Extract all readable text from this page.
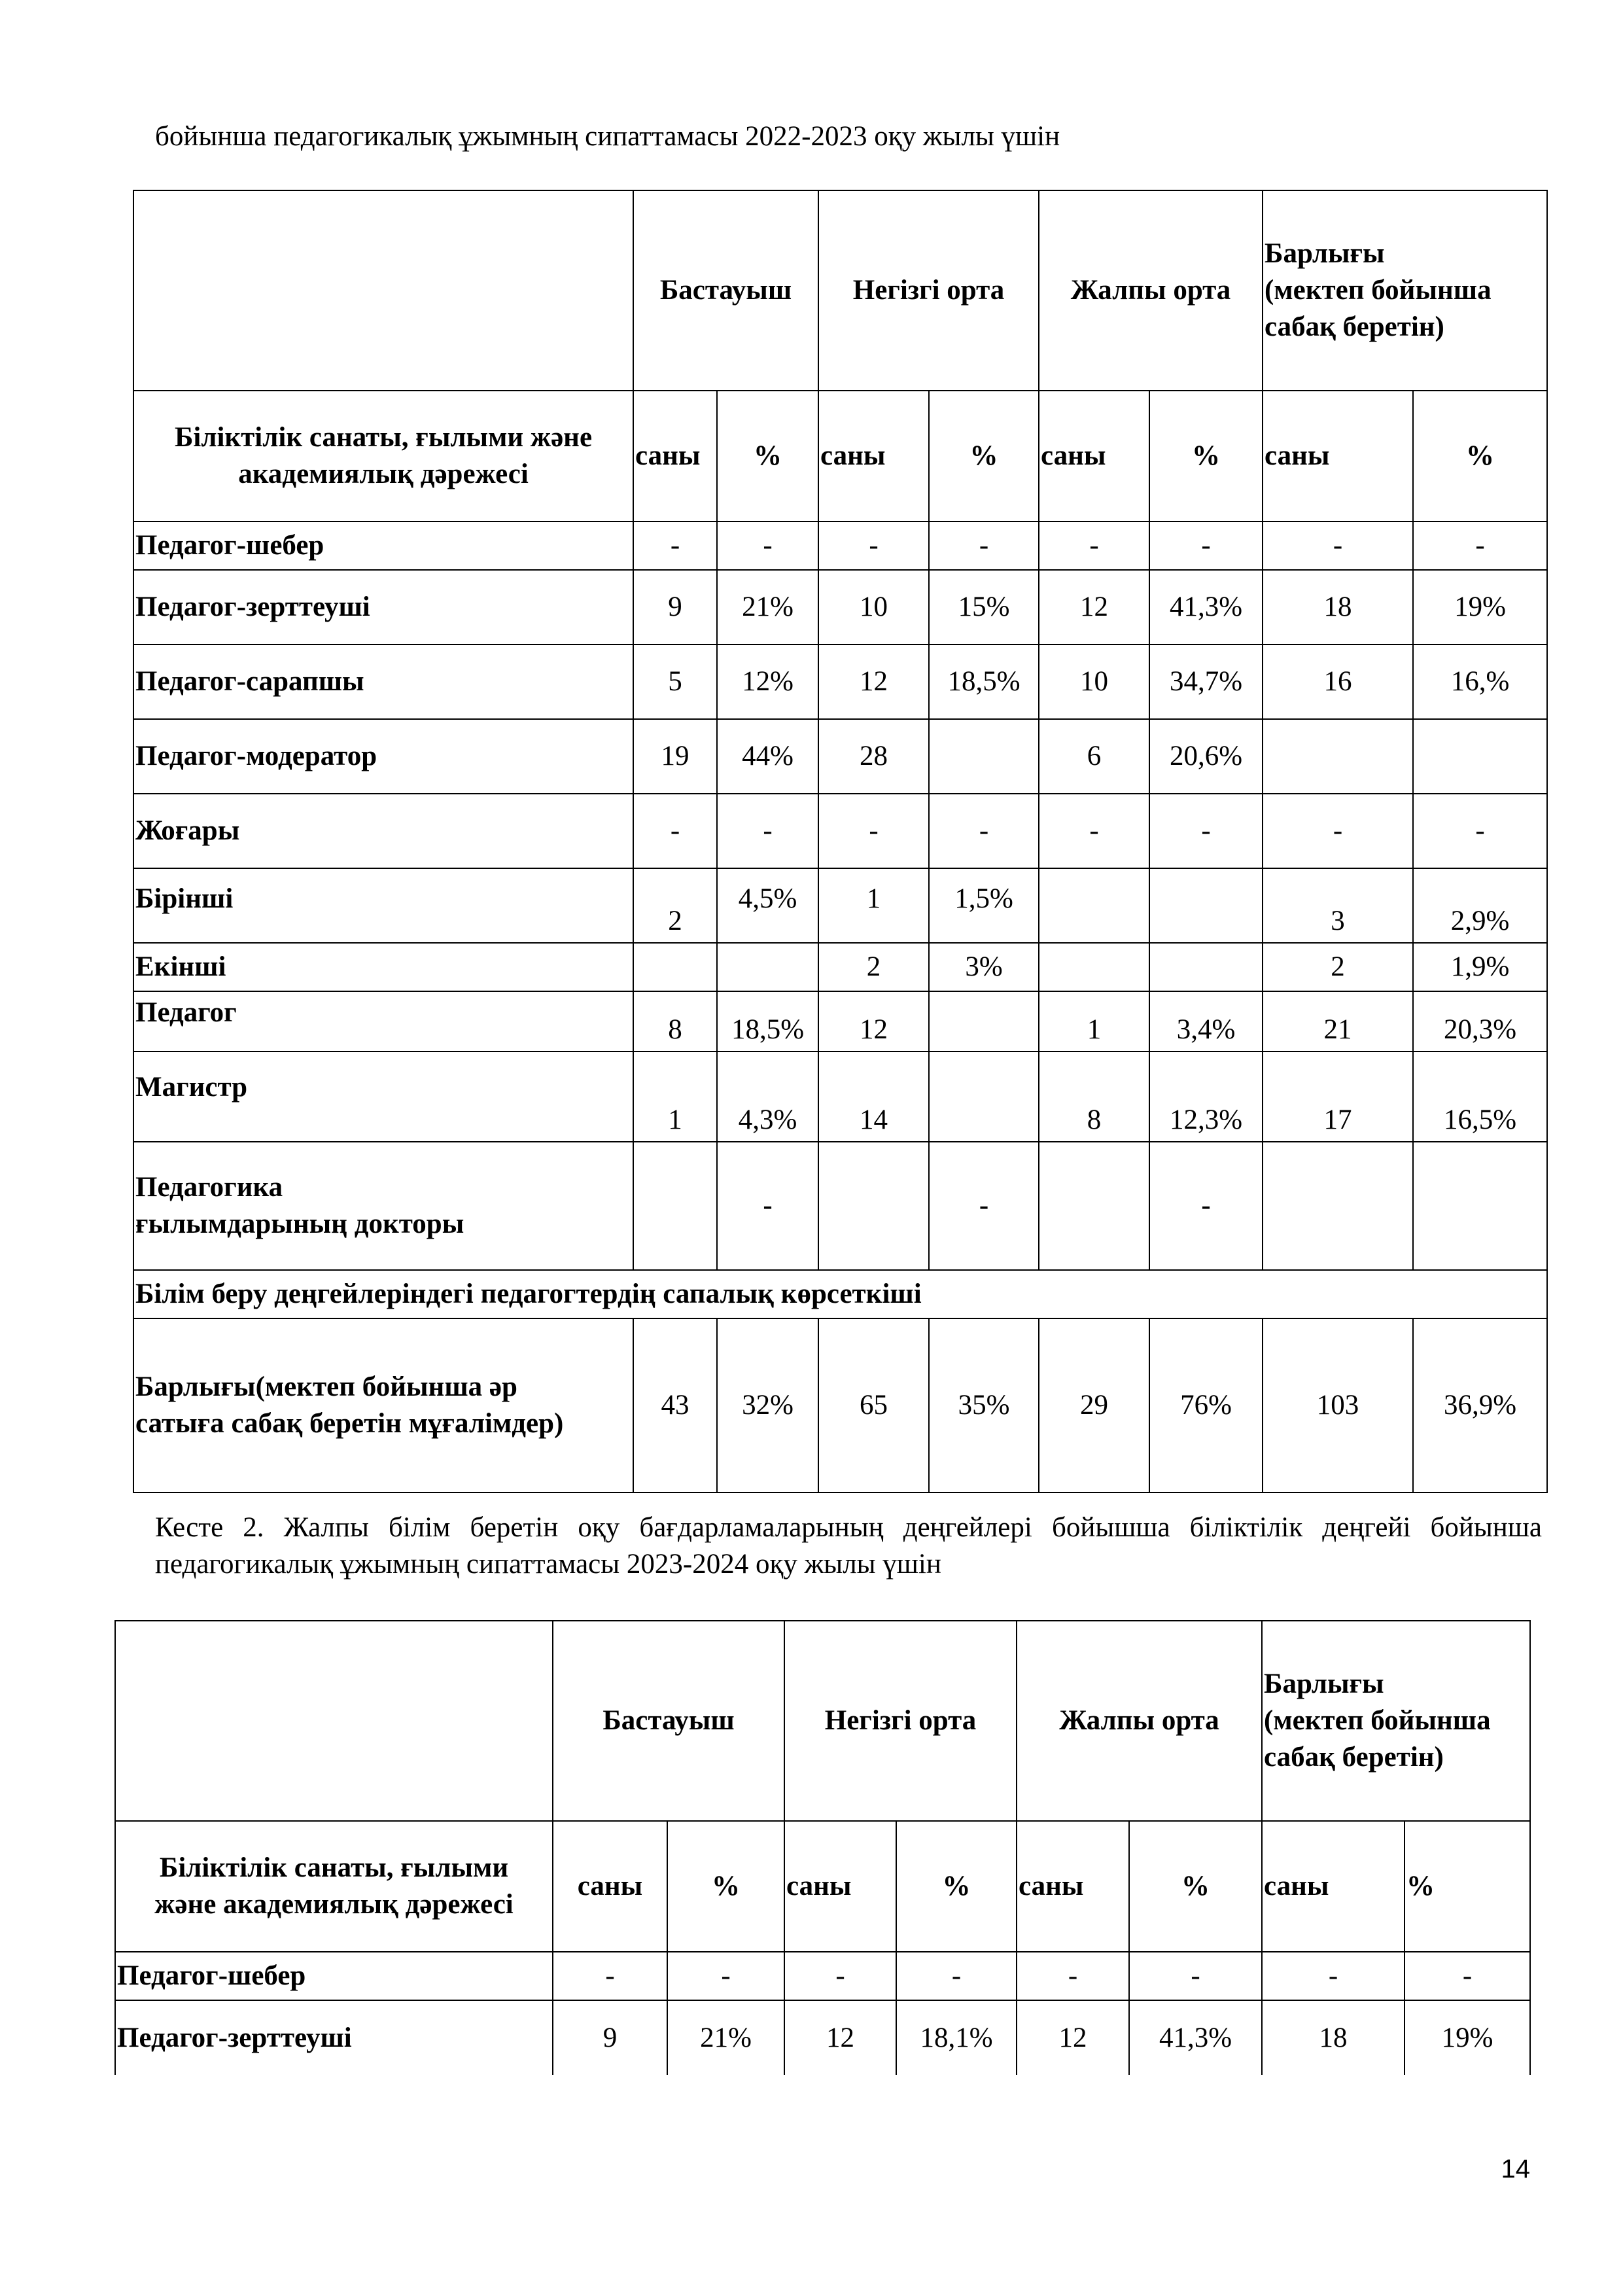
бойынша педагогикалық ұжымның сипаттамасы 2022-2023 оқу жылы үшін
	Бастауыш		Негізгі орта		Жалпы орта		Барлығы
(мектеп бойынша
сабақ беретін)	

Біліктілік санаты, ғылыми және академиялық дәрежесі	саны	%	саны	%	саны	%	саны	%
Педагог-шебер	-	-	-	-	-	-	-	-
Педагог-зерттеуші	9	21%	10	15%	12	41,3%	18	19%
Педагог-сарапшы	5	12%	12	18,5%	10	34,7%	16	16,%
Педагог-модератор	19	44%	28		6	20,6%		
Жоғары	-	-	-	-	-	-	-	-
Бірінші	2	4,5%	1	1,5%			3	2,9%
Екінші			2	3%			2	1,9%
Педагог	8	18,5%	12		1	3,4%	21	20,3%
Магистр	1	4,3%	14		8	12,3%	17	16,5%

Педагогика
ғылымдарының докторы		-		-		-		
Білім беру деңгейлеріндегі педагогтердің сапалық көрсеткіші								

Барлығы(мектеп бойынша әр
сатыға сабақ беретін мұғалімдер)	43	32%	65	35%	29	76%	103	36,9%
Кесте 2. Жалпы білім беретін оқу бағдарламаларының деңгейлері бойышша біліктілік деңгейі бойынша педагогикалық ұжымның сипаттамасы 2023-2024 оқу жылы үшін
	Бастауыш		Негізгі орта		Жалпы орта		Барлығы
(мектеп бойынша
сабақ беретін)	

Біліктілік санаты, ғылыми
және академиялық дәрежесі	саны	%	саны	%	саны	%	саны	%
Педагог-шебер	-	-	-	-	-	-	-	-
Педагог-зерттеуші	9	21%	12	18,1%	12	41,3%	18	19%
14
